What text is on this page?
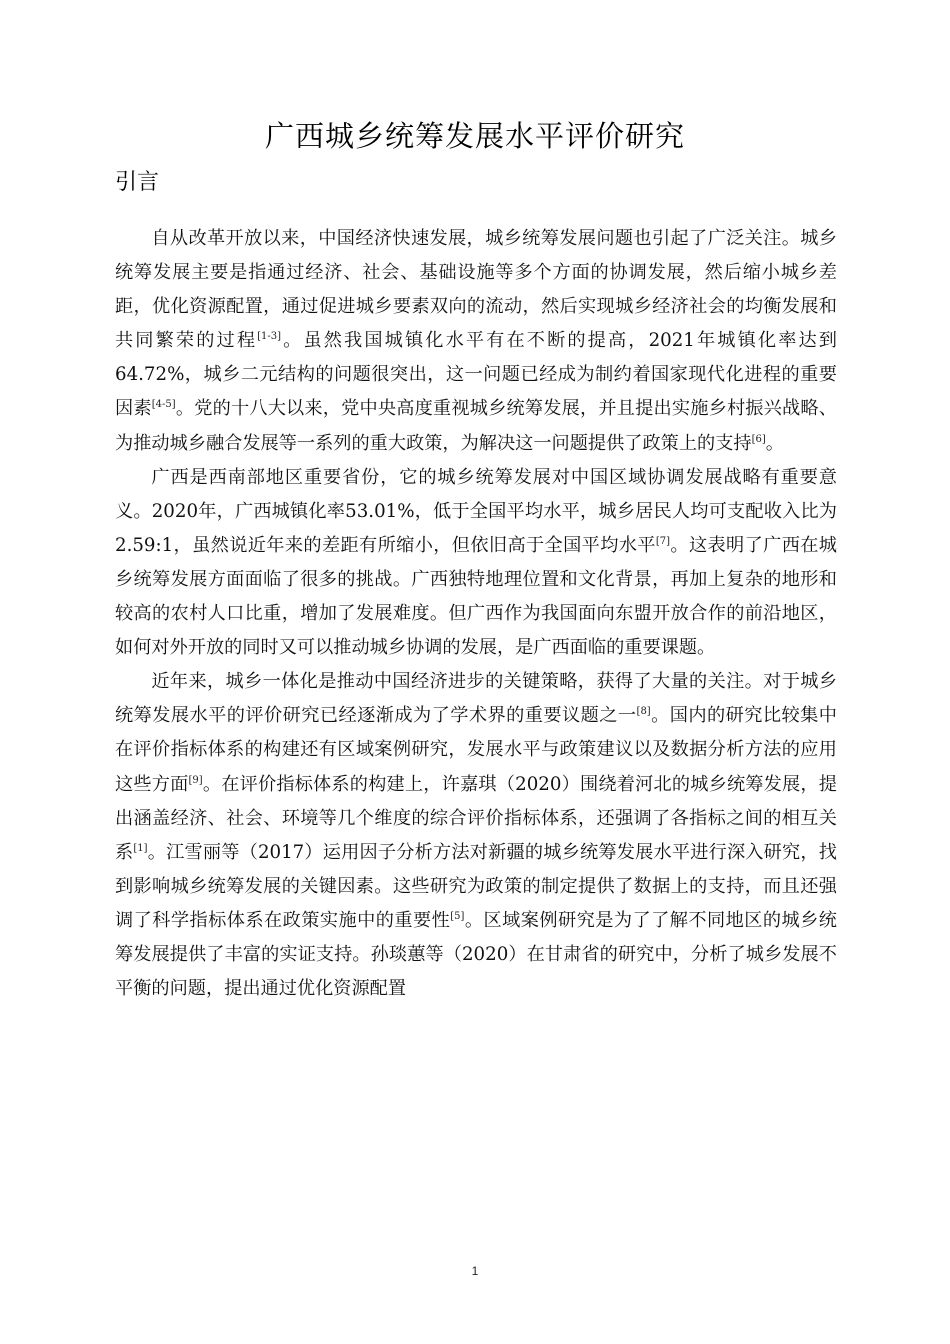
广西城乡统筹发展水平评价研究
引言

自从改革开放以来，中国经济快速发展，城乡统筹发展问题也引起了广泛关注。城乡统筹发展主要是指通过经济、社会、基础设施等多个方面的协调发展，然后缩小城乡差距，优化资源配置，通过促进城乡要素双向的流动，然后实现城乡经济社会的均衡发展和共同繁荣的过程[1-3]。虽然我国城镇化水平有在不断的提高，2021年城镇化率达到64.72%，城乡二元结构的问题很突出，这一问题已经成为制约着国家现代化进程的重要因素[4-5]。党的十八大以来，党中央高度重视城乡统筹发展，并且提出实施乡村振兴战略、为推动城乡融合发展等一系列的重大政策，为解决这一问题提供了政策上的支持[6]。

广西是西南部地区重要省份，它的城乡统筹发展对中国区域协调发展战略有重要意义。2020年，广西城镇化率53.01%，低于全国平均水平，城乡居民人均可支配收入比为2.59:1，虽然说近年来的差距有所缩小，但依旧高于全国平均水平[7]。这表明了广西在城乡统筹发展方面面临了很多的挑战。广西独特地理位置和文化背景，再加上复杂的地形和较高的农村人口比重，增加了发展难度。但广西作为我国面向东盟开放合作的前沿地区，如何对外开放的同时又可以推动城乡协调的发展，是广西面临的重要课题。

近年来，城乡一体化是推动中国经济进步的关键策略，获得了大量的关注。对于城乡统筹发展水平的评价研究已经逐渐成为了学术界的重要议题之一[8]。国内的研究比较集中在评价指标体系的构建还有区域案例研究，发展水平与政策建议以及数据分析方法的应用这些方面[9]。在评价指标体系的构建上，许嘉琪（2020）围绕着河北的城乡统筹发展，提出涵盖经济、社会、环境等几个维度的综合评价指标体系，还强调了各指标之间的相互关系[1]。江雪丽等（2017）运用因子分析方法对新疆的城乡统筹发展水平进行深入研究，找到影响城乡统筹发展的关键因素。这些研究为政策的制定提供了数据上的支持，而且还强调了科学指标体系在政策实施中的重要性[5]。区域案例研究是为了了解不同地区的城乡统筹发展提供了丰富的实证支持。孙琰蕙等（2020）在甘肃省的研究中，分析了城乡发展不平衡的问题，提出通过优化资源配置

1
